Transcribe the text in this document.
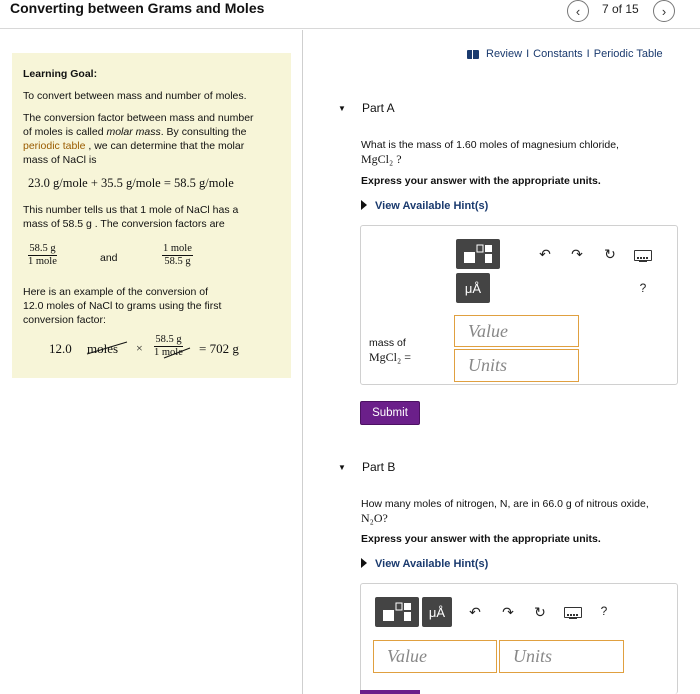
Converting between Grams and Moles	‹ 7 of 15 ›
Learning Goal:
To convert between mass and number of moles.
The conversion factor between mass and number
of moles is called molar mass. By consulting the
periodic table , we can determine that the molar
mass of NaCl is
23.0 g/mole + 35.5 g/mole = 58.5 g/mole
This number tells us that 1 mole of NaCl has a
mass of 58.5 g . The conversion factors are
58.5 g
1 mole	and
1 mole
58.5 g
Here is an example of the conversion of
12.0 moles of NaCl to grams using the first
conversion factor:
12.0 moles ×
58.5 g
1 mole = 702 g
Review I Constants I Periodic Table
▼ Part A
What is the mass of 1.60 moles of magnesium chloride,
MgCl₂ ?
Express your answer with the appropriate units.
View Available Hint(s)
μÅ
↶ ↷ ↻
?
mass of
MgCl₂ =
Value
Units
Submit
▼ Part B
How many moles of nitrogen, N, are in 66.0 g of nitrous oxide,
N₂O?
Express your answer with the appropriate units.
View Available Hint(s)
μÅ ↶ ↷ ↻	?
Value	Units
